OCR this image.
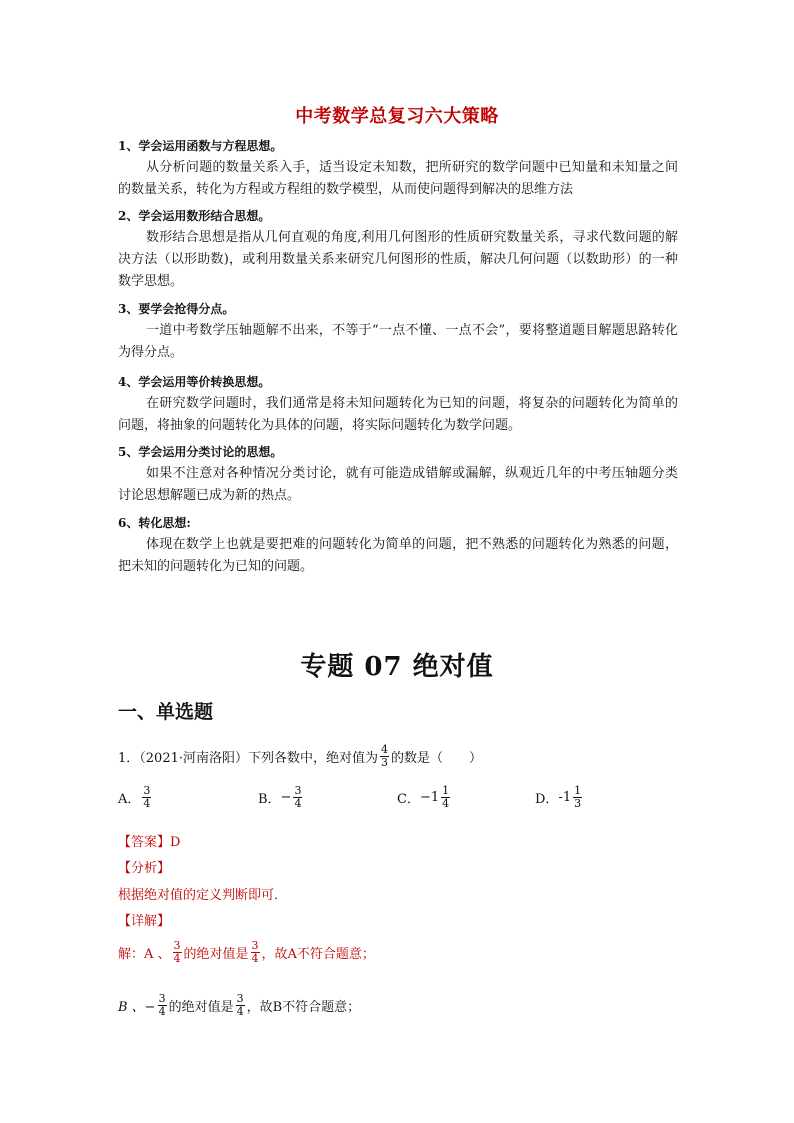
中考数学总复习六大策略
1、学会运用函数与方程思想。
从分析问题的数量关系入手，适当设定未知数，把所研究的数学问题中已知量和未知量之间的数量关系，转化为方程或方程组的数学模型，从而使问题得到解决的思维方法
2、学会运用数形结合思想。
数形结合思想是指从几何直观的角度,利用几何图形的性质研究数量关系，寻求代数问题的解决方法（以形助数)，或利用数量关系来研究几何图形的性质，解决几何问题（以数助形）的一种数学思想。
3、要学会抢得分点。
一道中考数学压轴题解不出来，不等于“一点不懂、一点不会”，要将整道题目解题思路转化为得分点。
4、学会运用等价转换思想。
在研究数学问题时，我们通常是将未知问题转化为已知的问题，将复杂的问题转化为简单的问题，将抽象的问题转化为具体的问题，将实际问题转化为数学问题。
5、学会运用分类讨论的思想。
如果不注意对各种情况分类讨论，就有可能造成错解或漏解，纵观近几年的中考压轴题分类讨论思想解题已成为新的热点。
6、转化思想:
体现在数学上也就是要把难的问题转化为简单的问题，把不熟悉的问题转化为熟悉的问题，把未知的问题转化为已知的问题。
专题 07 绝对值
一、单选题
1．（2021·河南洛阳）下列各数中，绝对值为 $\frac{4}{3}$ 的数是（　　）
A． $\frac{3}{4}$	B． − $\frac{3}{4}$	C． − $1 \frac{1}{4}$	D． - $1 \frac{1}{3}$
【答案】D
【分析】
根据绝对值的定义判断即可．
【详解】
解：A 、 $\frac{3}{4}$ 的绝对值是 $\frac{3}{4}$ ，故A不符合题意；
B 、− $\frac{3}{4}$ 的绝对值是 $\frac{3}{4}$ ，故B不符合题意；
